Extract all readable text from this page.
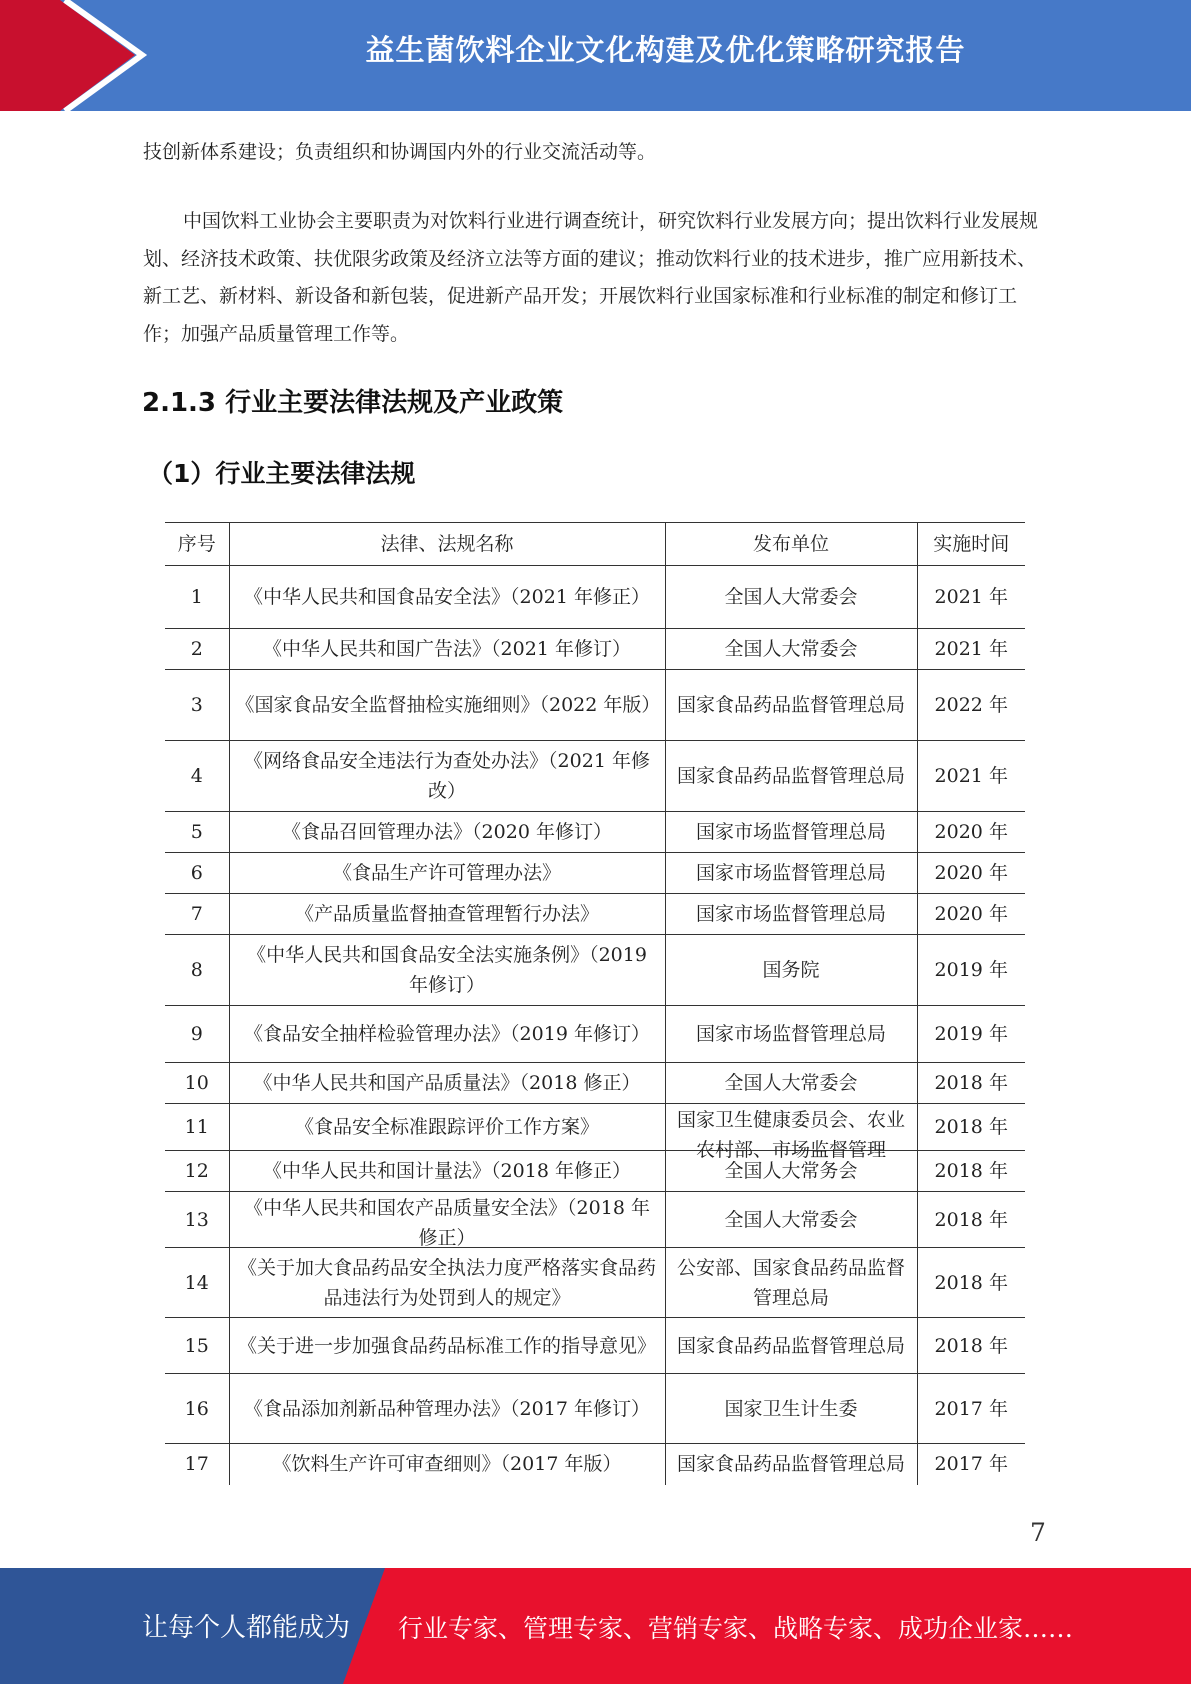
益生菌饮料企业文化构建及优化策略研究报告

技创新体系建设；负责组织和协调国内外的行业交流活动等。

中国饮料工业协会主要职责为对饮料行业进行调查统计，研究饮料行业发展方向；提出饮料行业发展规划、经济技术政策、扶优限劣政策及经济立法等方面的建议；推动饮料行业的技术进步，推广应用新技术、新工艺、新材料、新设备和新包装，促进新产品开发；开展饮料行业国家标准和行业标准的制定和修订工作；加强产品质量管理工作等。

2.1.3 行业主要法律法规及产业政策
（1）行业主要法律法规
序号	法律、法规名称	发布单位	实施时间
1	《中华人民共和国食品安全法》（2021 年修正）	全国人大常委会	2021 年
2	《中华人民共和国广告法》（2021 年修订）	全国人大常委会	2021 年
3	《国家食品安全监督抽检实施细则》（2022 年版）	国家食品药品监督管理总局	2022 年
4	《网络食品安全违法行为查处办法》（2021 年修改）	国家食品药品监督管理总局	2021 年
5	《食品召回管理办法》（2020 年修订）	国家市场监督管理总局	2020 年
6	《食品生产许可管理办法》	国家市场监督管理总局	2020 年
7	《产品质量监督抽查管理暂行办法》	国家市场监督管理总局	2020 年
8	《中华人民共和国食品安全法实施条例》（2019 年修订）	国务院	2019 年
9	《食品安全抽样检验管理办法》（2019 年修订）	国家市场监督管理总局	2019 年
10	《中华人民共和国产品质量法》（2018 修正）	全国人大常委会	2018 年
11	《食品安全标准跟踪评价工作方案》	国家卫生健康委员会、农业农村部、市场监督管理	2018 年
12	《中华人民共和国计量法》（2018 年修正）	全国人大常务会	2018 年
13	《中华人民共和国农产品质量安全法》（2018 年修正）	全国人大常委会	2018 年
14	《关于加大食品药品安全执法力度严格落实食品药品违法行为处罚到人的规定》	公安部、国家食品药品监督管理总局	2018 年
15	《关于进一步加强食品药品标准工作的指导意见》	国家食品药品监督管理总局	2018 年
16	《食品添加剂新品种管理办法》（2017 年修订）	国家卫生计生委	2017 年
17	《饮料生产许可审查细则》（2017 年版）	国家食品药品监督管理总局	2017 年
7
让每个人都能成为 行业专家、管理专家、营销专家、战略专家、成功企业家……
